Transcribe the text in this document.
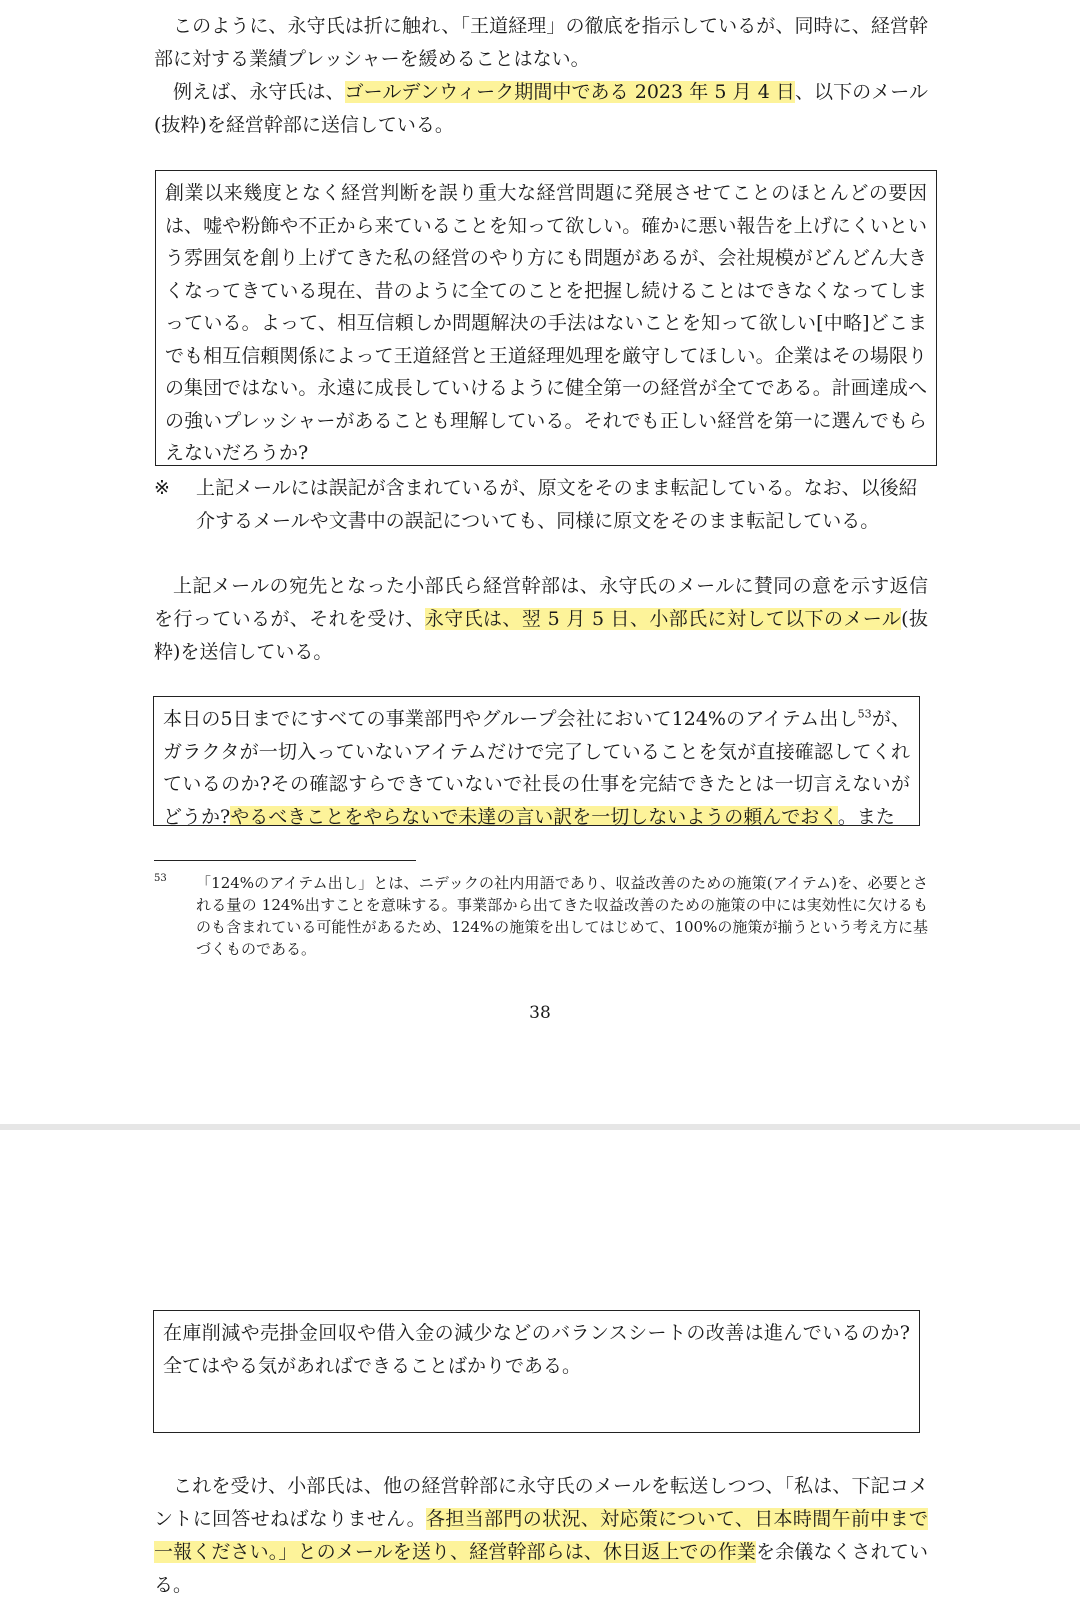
このように、永守氏は折に触れ、「王道経理」の徹底を指示しているが、同時に、経営幹部に対する業績プレッシャーを緩めることはない。

例えば、永守氏は、ゴールデンウィーク期間中である 2023 年 5 月 4 日、以下のメール(抜粋)を経営幹部に送信している。

創業以来幾度となく経営判断を誤り重大な経営問題に発展させてことのほとんどの要因は、嘘や粉飾や不正から来ていることを知って欲しい。確かに悪い報告を上げにくいという雰囲気を創り上げてきた私の経営のやり方にも問題があるが、会社規模がどんどん大きくなってきている現在、昔のように全てのことを把握し続けることはできなくなってしまっている。よって、相互信頼しか問題解決の手法はないことを知って欲しい[中略]どこまでも相互信頼関係によって王道経営と王道経理処理を厳守してほしい。企業はその場限りの集団ではない。永遠に成長していけるように健全第一の経営が全てである。計画達成への強いプレッシャーがあることも理解している。それでも正しい経営を第一に選んでもらえないだろうか?

※ 上記メールには誤記が含まれているが、原文をそのまま転記している。なお、以後紹介するメールや文書中の誤記についても、同様に原文をそのまま転記している。

上記メールの宛先となった小部氏ら経営幹部は、永守氏のメールに賛同の意を示す返信を行っているが、それを受け、永守氏は、翌 5 月 5 日、小部氏に対して以下のメール(抜粋)を送信している。

本日の5日までにすべての事業部門やグループ会社において124%のアイテム出し$^{53}$が、ガラクタが一切入っていないアイテムだけで完了していることを気が直接確認してくれているのか?その確認すらできていないで社長の仕事を完結できたとは一切言えないがどうか?やるべきことをやらないで未達の言い訳を一切しないようの頼んでおく。また

53 「124%のアイテム出し」とは、ニデックの社内用語であり、収益改善のための施策(アイテム)を、必要とされる量の 124%出すことを意味する。事業部から出てきた収益改善のための施策の中には実効性に欠けるものも含まれている可能性があるため、124%の施策を出してはじめて、100%の施策が揃うという考え方に基づくものである。
38

在庫削減や売掛金回収や借入金の減少などのバランスシートの改善は進んでいるのか?全てはやる気があればできることばかりである。

これを受け、小部氏は、他の経営幹部に永守氏のメールを転送しつつ、「私は、下記コメントに回答せねばなりません。各担当部門の状況、対応策について、日本時間午前中まで一報ください。」とのメールを送り、経営幹部らは、休日返上での作業を余儀なくされている。
